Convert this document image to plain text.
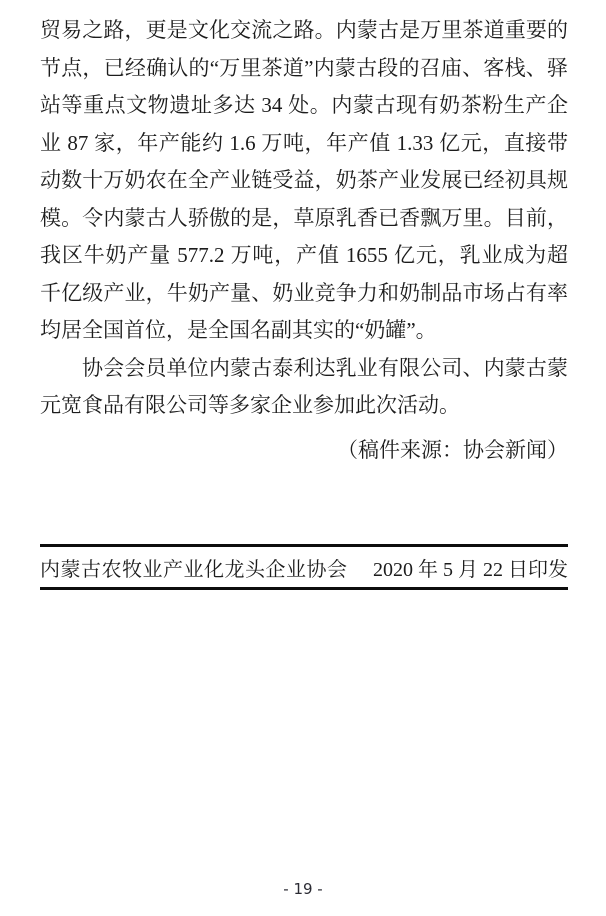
贸易之路，更是文化交流之路。内蒙古是万里茶道重要的节点，已经确认的“万里茶道”内蒙古段的召庙、客栈、驿站等重点文物遗址多达 34 处。内蒙古现有奶茶粉生产企业 87 家，年产能约 1.6 万吨，年产值 1.33 亿元，直接带动数十万奶农在全产业链受益，奶茶产业发展已经初具规模。令内蒙古人骄傲的是，草原乳香已香飘万里。目前，我区牛奶产量 577.2 万吨，产值 1655 亿元，乳业成为超千亿级产业，牛奶产量、奶业竞争力和奶制品市场占有率均居全国首位，是全国名副其实的“奶罐”。

协会会员单位内蒙古泰利达乳业有限公司、内蒙古蒙元宽食品有限公司等多家企业参加此次活动。

（稿件来源：协会新闻）

内蒙古农牧业产业化龙头企业协会 2020 年 5 月 22 日印发
- 19 -
